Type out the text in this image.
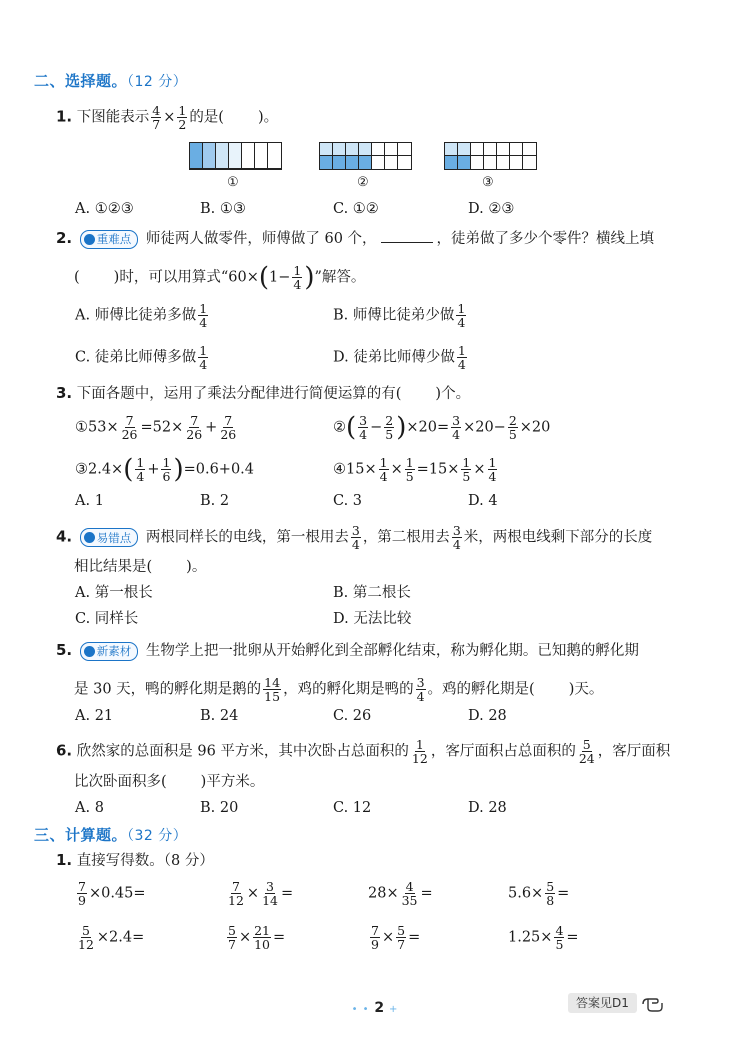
二、选择题。（12 分）
1. 下图能表示 $\frac{4}{7} \times \frac{1}{2}$ 的是( )。
①	②	③
A. ①②③	B. ①③	C. ①②	D. ②③
2. 重难点 师徒两人做零件，师傅做了 60 个，	，徒弟做了多少个零件？横线上填
( )时，可以用算式“$60\times(1- \frac{1}{4}$ )”解答。
A. 师傅比徒弟多做 $\frac{1}{4}$	B. 师傅比徒弟少做 $\frac{1}{4}$
C. 徒弟比师傅多做 $\frac{1}{4}$	D. 徒弟比师傅少做 $\frac{1}{4}$
3. 下面各题中，运用了乘法分配律进行简便运算的有( )个。
①53× $\frac{7}{26} =52\times \frac{7}{26} + \frac{7}{26}$	②( $\frac{3}{4} - \frac{2}{5} )\times 20= \frac{3}{4} \times 20- \frac{2}{5} \times 20$
③2.4×( $\frac{1}{4} + \frac{1}{6} )=0.6+0.4$	④15× $\frac{1}{4} \times \frac{1}{5} =15\times \frac{1}{5} \times \frac{1}{4}$
A. 1	B. 2	C. 3	D. 4
4. 易错点 两根同样长的电线，第一根用去 $\frac{3}{4}$ ，第二根用去 $\frac{3}{4}$ 米，两根电线剩下部分的长度
相比结果是( )。
A. 第一根长	B. 第二根长
C. 同样长	D. 无法比较
5. 新素材 生物学上把一批卵从开始孵化到全部孵化结束，称为孵化期。已知鹅的孵化期
是 30 天，鸭的孵化期是鹅的 $\frac{14}{15}$ ，鸡的孵化期是鸭的 $\frac{3}{4}$ 。鸡的孵化期是( )天。
A. 21	B. 24	C. 26	D. 28
6. 欣然家的总面积是 96 平方米，其中次卧占总面积的 $\frac{1}{12}$ ，客厅面积占总面积的 $\frac{5}{24}$ ，客厅面积
比次卧面积多( )平方米。
A. 8	B. 20	C. 12	D. 28
三、计算题。（32 分）
1. 直接写得数。（8 分）
$\frac{7}{9} \times 0.45=$	$\frac{7}{12} \times \frac{3}{14}$ =	$28\times \frac{4}{35}$ =	$5.6\times \frac{5}{8}$ =
$\frac{5}{12} \times 2.4=$	$\frac{5}{7} \times \frac{21}{10}$ =	$\frac{7}{9} \times \frac{5}{7}$ =	$1.25\times \frac{4}{5}$ =
• • 2 +	答案见D1
